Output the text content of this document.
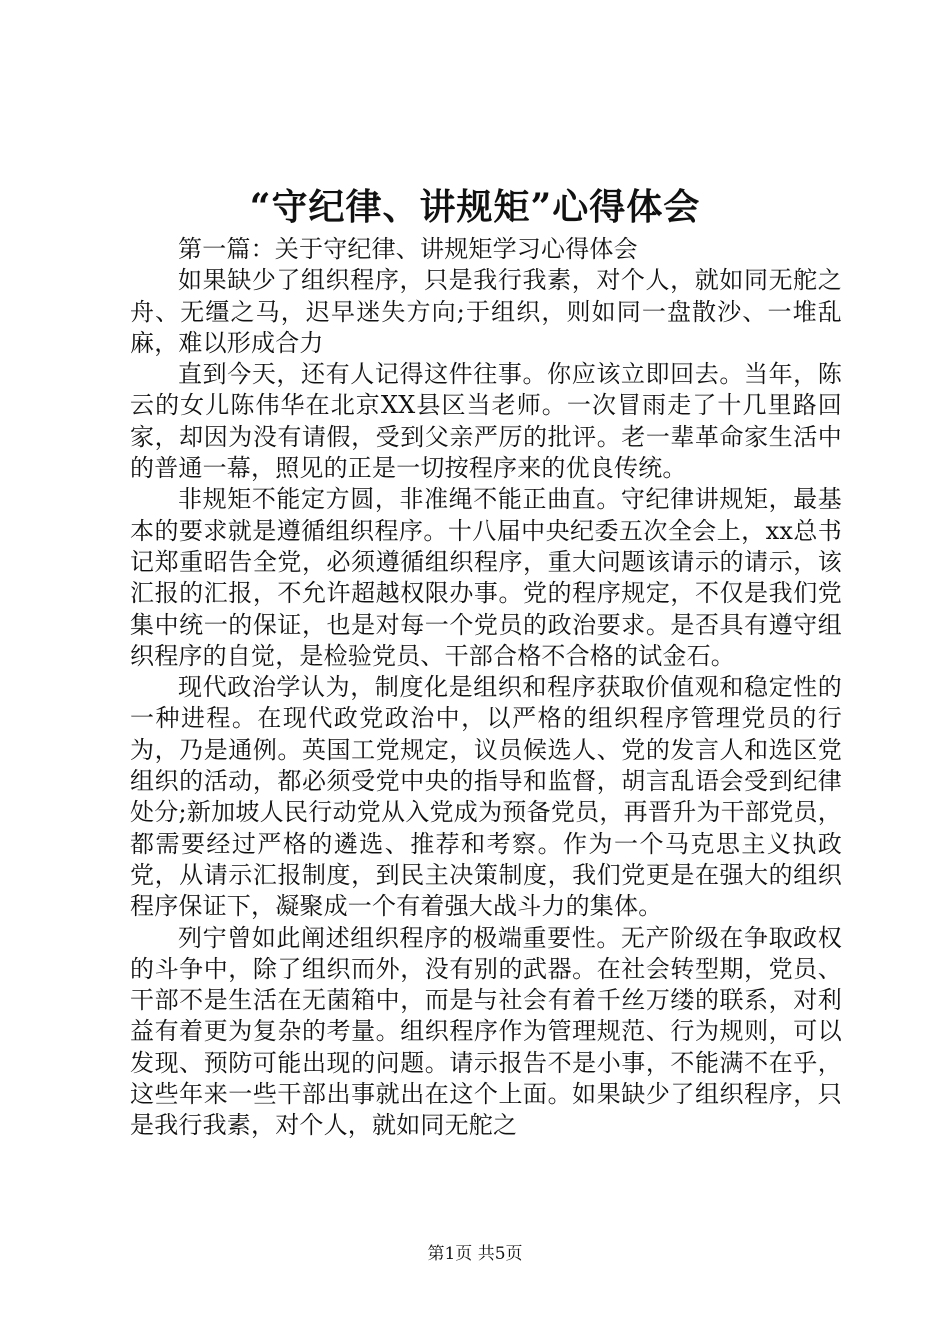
“守纪律、讲规矩”心得体会

第一篇：关于守纪律、讲规矩学习心得体会

如果缺少了组织程序，只是我行我素，对个人，就如同无舵之舟、无缰之马，迟早迷失方向;于组织，则如同一盘散沙、一堆乱麻，难以形成合力

直到今天，还有人记得这件往事。你应该立即回去。当年，陈云的女儿陈伟华在北京XX县区当老师。一次冒雨走了十几里路回家，却因为没有请假，受到父亲严厉的批评。老一辈革命家生活中的普通一幕，照见的正是一切按程序来的优良传统。

非规矩不能定方圆，非准绳不能正曲直。守纪律讲规矩，最基本的要求就是遵循组织程序。十八届中央纪委五次全会上，xx总书记郑重昭告全党，必须遵循组织程序，重大问题该请示的请示，该汇报的汇报，不允许超越权限办事。党的程序规定，不仅是我们党集中统一的保证，也是对每一个党员的政治要求。是否具有遵守组织程序的自觉，是检验党员、干部合格不合格的试金石。

现代政治学认为，制度化是组织和程序获取价值观和稳定性的一种进程。在现代政党政治中，以严格的组织程序管理党员的行为，乃是通例。英国工党规定，议员候选人、党的发言人和选区党组织的活动，都必须受党中央的指导和监督，胡言乱语会受到纪律处分;新加坡人民行动党从入党成为预备党员，再晋升为干部党员，都需要经过严格的遴选、推荐和考察。作为一个马克思主义执政党，从请示汇报制度，到民主决策制度，我们党更是在强大的组织程序保证下，凝聚成一个有着强大战斗力的集体。

列宁曾如此阐述组织程序的极端重要性。无产阶级在争取政权的斗争中，除了组织而外，没有别的武器。在社会转型期，党员、干部不是生活在无菌箱中，而是与社会有着千丝万缕的联系，对利益有着更为复杂的考量。组织程序作为管理规范、行为规则，可以发现、预防可能出现的问题。请示报告不是小事，不能满不在乎，这些年来一些干部出事就出在这个上面。如果缺少了组织程序，只是我行我素，对个人，就如同无舵之

第1页 共5页
